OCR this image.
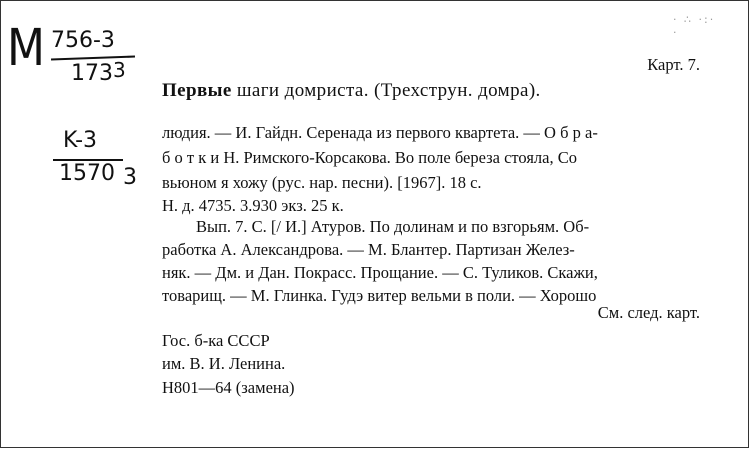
M 756-3
173 3
K-3
1570 3
· ∴ ·:· ·
Карт. 7.
Первые шаги домриста. (Трехструн. домра).
людия. — И. Гайдн. Серенада из первого квартета. — О б р а-
б о т к и Н. Римского-Корсакова. Во поле береза стояла, Со
вьюном я хожу (рус. нар. песни). [1967]. 18 с.
Н. д. 4735. 3.930 экз. 25 к.
Вып. 7. С. [/ И.] Атуров. По долинам и по взгорьям. Об-
работка А. Александрова. — М. Блантер. Партизан Желез-
няк. — Дм. и Дан. Покрасс. Прощание. — С. Туликов. Скажи,
товарищ. — М. Глинка. Гудэ витер вельми в поли. — Хорошо
См. след. карт.
Гос. б-ка СССР
им. В. И. Ленина.
Н801—64 (замена)
